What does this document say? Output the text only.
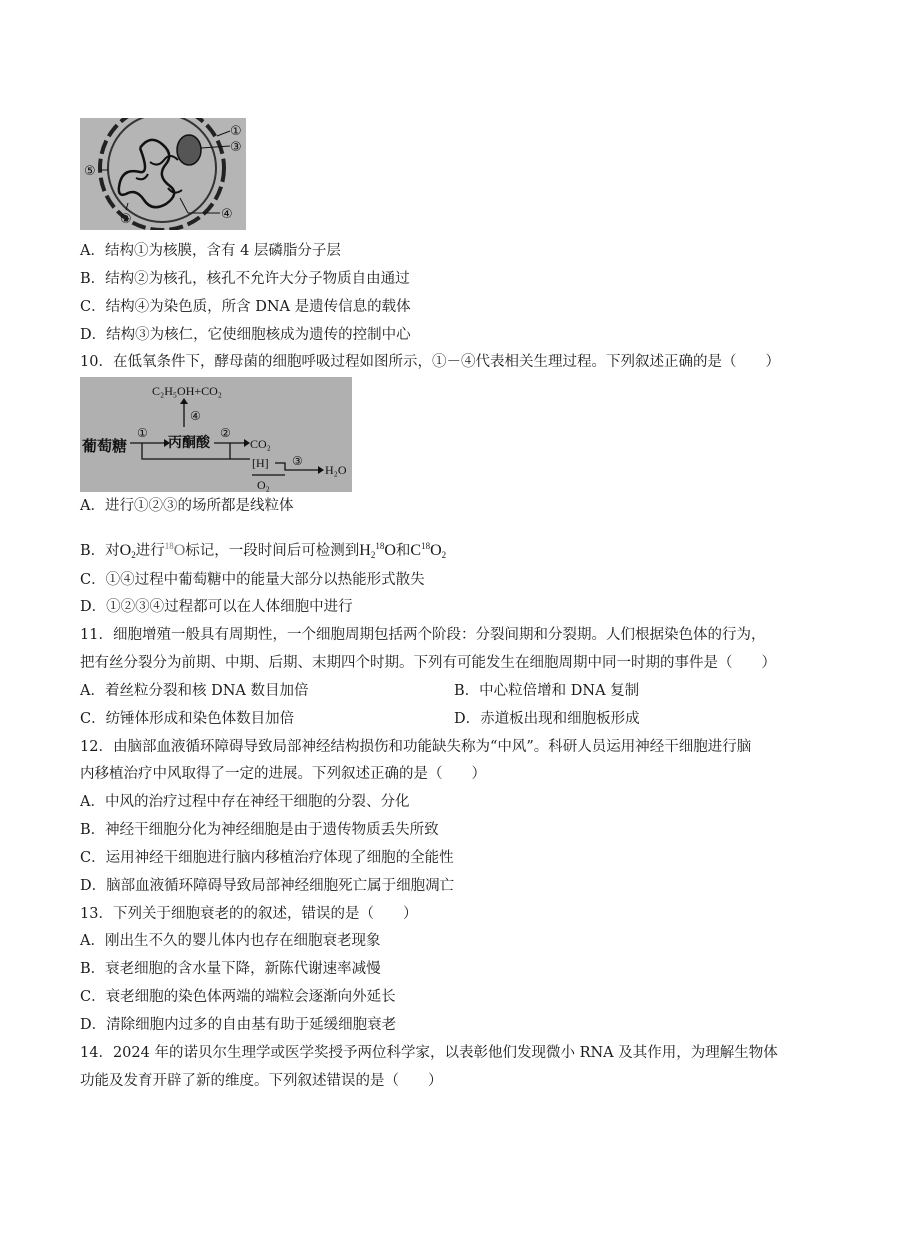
①
③
④
②
⑤
A．结构①为核膜，含有 4 层磷脂分子层
B．结构②为核孔，核孔不允许大分子物质自由通过
C．结构④为染色质，所含 DNA 是遗传信息的载体
D．结构③为核仁，它使细胞核成为遗传的控制中心
10．在低氧条件下，酵母菌的细胞呼吸过程如图所示，①－④代表相关生理过程。下列叙述正确的是（　　）
C₂H₅OH+CO₂
④
葡萄糖
①
丙酮酸
②
CO₂
[H] ③
H₂O
O₂
A．进行①②③的场所都是线粒体
B．对$O_2$进行$^{18}$O标记，一段时间后可检测到$H_2^{18}O$和$C^{18}O_2$
C．①④过程中葡萄糖中的能量大部分以热能形式散失
D．①②③④过程都可以在人体细胞中进行
11．细胞增殖一般具有周期性，一个细胞周期包括两个阶段：分裂间期和分裂期。人们根据染色体的行为，
把有丝分裂分为前期、中期、后期、末期四个时期。下列有可能发生在细胞周期中同一时期的事件是（　　）
A．着丝粒分裂和核 DNA 数目加倍	B．中心粒倍增和 DNA 复制
C．纺锤体形成和染色体数目加倍	D．赤道板出现和细胞板形成
12．由脑部血液循环障碍导致局部神经结构损伤和功能缺失称为“中风”。科研人员运用神经干细胞进行脑
内移植治疗中风取得了一定的进展。下列叙述正确的是（　　）
A．中风的治疗过程中存在神经干细胞的分裂、分化
B．神经干细胞分化为神经细胞是由于遗传物质丢失所致
C．运用神经干细胞进行脑内移植治疗体现了细胞的全能性
D．脑部血液循环障碍导致局部神经细胞死亡属于细胞凋亡
13．下列关于细胞衰老的的叙述，错误的是（　　）
A．刚出生不久的婴儿体内也存在细胞衰老现象
B．衰老细胞的含水量下降，新陈代谢速率减慢
C．衰老细胞的染色体两端的端粒会逐渐向外延长
D．清除细胞内过多的自由基有助于延缓细胞衰老
14．2024 年的诺贝尔生理学或医学奖授予两位科学家，以表彰他们发现微小 RNA 及其作用，为理解生物体
功能及发育开辟了新的维度。下列叙述错误的是（　　）
